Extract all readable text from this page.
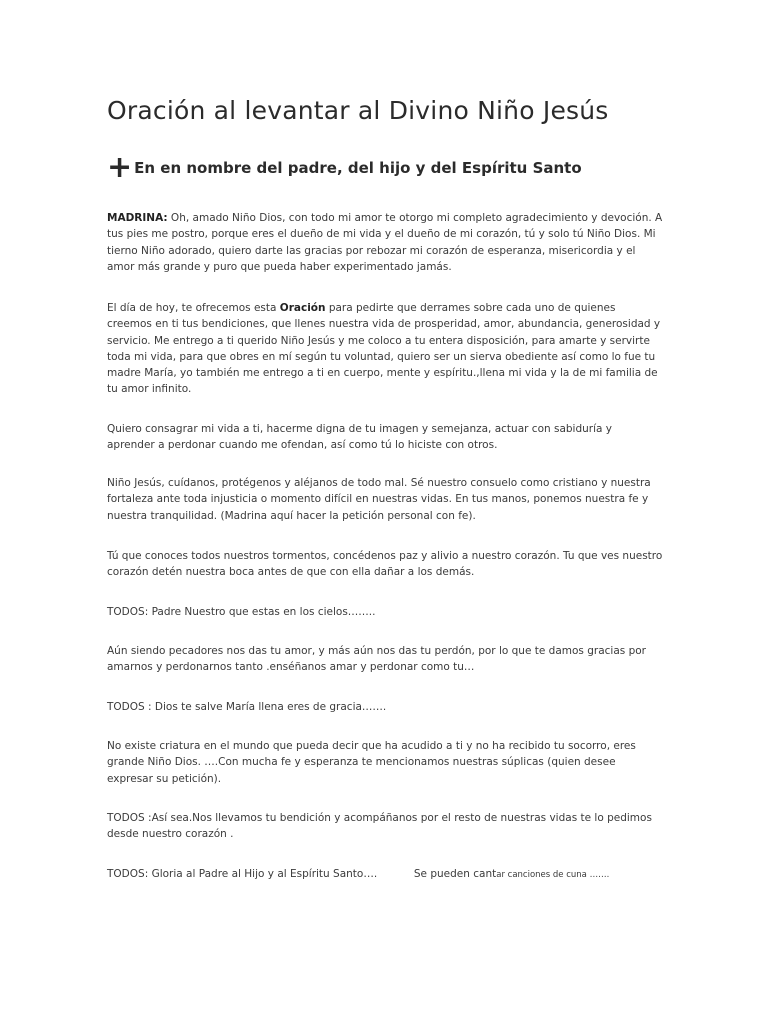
Oración al levantar al Divino Niño Jesús
+ En en nombre del padre, del hijo y del Espíritu Santo

MADRINA: Oh, amado Niño Dios, con todo mi amor te otorgo mi completo agradecimiento y devoción. A tus pies me postro, porque eres el dueño de mi vida y el dueño de mi corazón, tú y solo tú Niño Dios. Mi tierno Niño adorado, quiero darte las gracias por rebozar mi corazón de esperanza, misericordia y el amor más grande y puro que pueda haber experimentado jamás.

El día de hoy, te ofrecemos esta Oración para pedirte que derrames sobre cada uno de quienes creemos en ti tus bendiciones, que llenes nuestra vida de prosperidad, amor, abundancia, generosidad y servicio. Me entrego a ti querido Niño Jesús y me coloco a tu entera disposición, para amarte y servirte toda mi vida, para que obres en mí según tu voluntad, quiero ser un sierva obediente así como lo fue tu madre María, yo también me entrego a ti en cuerpo, mente y espíritu.,llena mi vida y la de mi familia de tu amor infinito.

Quiero consagrar mi vida a ti, hacerme digna de tu imagen y semejanza, actuar con sabiduría y aprender a perdonar cuando me ofendan, así como tú lo hiciste con otros.

Niño Jesús, cuídanos, protégenos y aléjanos de todo mal. Sé nuestro consuelo como cristiano y nuestra fortaleza ante toda injusticia o momento difícil en nuestras vidas. En tus manos, ponemos nuestra fe y nuestra tranquilidad. (Madrina aquí hacer la petición personal con fe).

Tú que conoces todos nuestros tormentos, concédenos paz y alivio a nuestro corazón. Tu que ves nuestro corazón detén nuestra boca antes de que con ella dañar a los demás.

TODOS: Padre Nuestro que estas en los cielos……..

Aún siendo pecadores nos das tu amor, y más aún nos das tu perdón, por lo que te damos gracias por amarnos y perdonarnos tanto .enséñanos amar y perdonar como tu…

TODOS : Dios te salve María llena eres de gracia…….

No existe criatura en el mundo que pueda decir que ha acudido a ti y no ha recibido tu socorro, eres grande Niño Dios. ….Con mucha fe y esperanza te mencionamos nuestras súplicas (quien desee expresar su petición).

TODOS :Así sea.Nos llevamos tu bendición y acompáñanos por el resto de nuestras vidas te lo pedimos desde nuestro corazón .

TODOS: Gloria al Padre al Hijo y al Espíritu Santo….           Se pueden cantar canciones de cuna …….
